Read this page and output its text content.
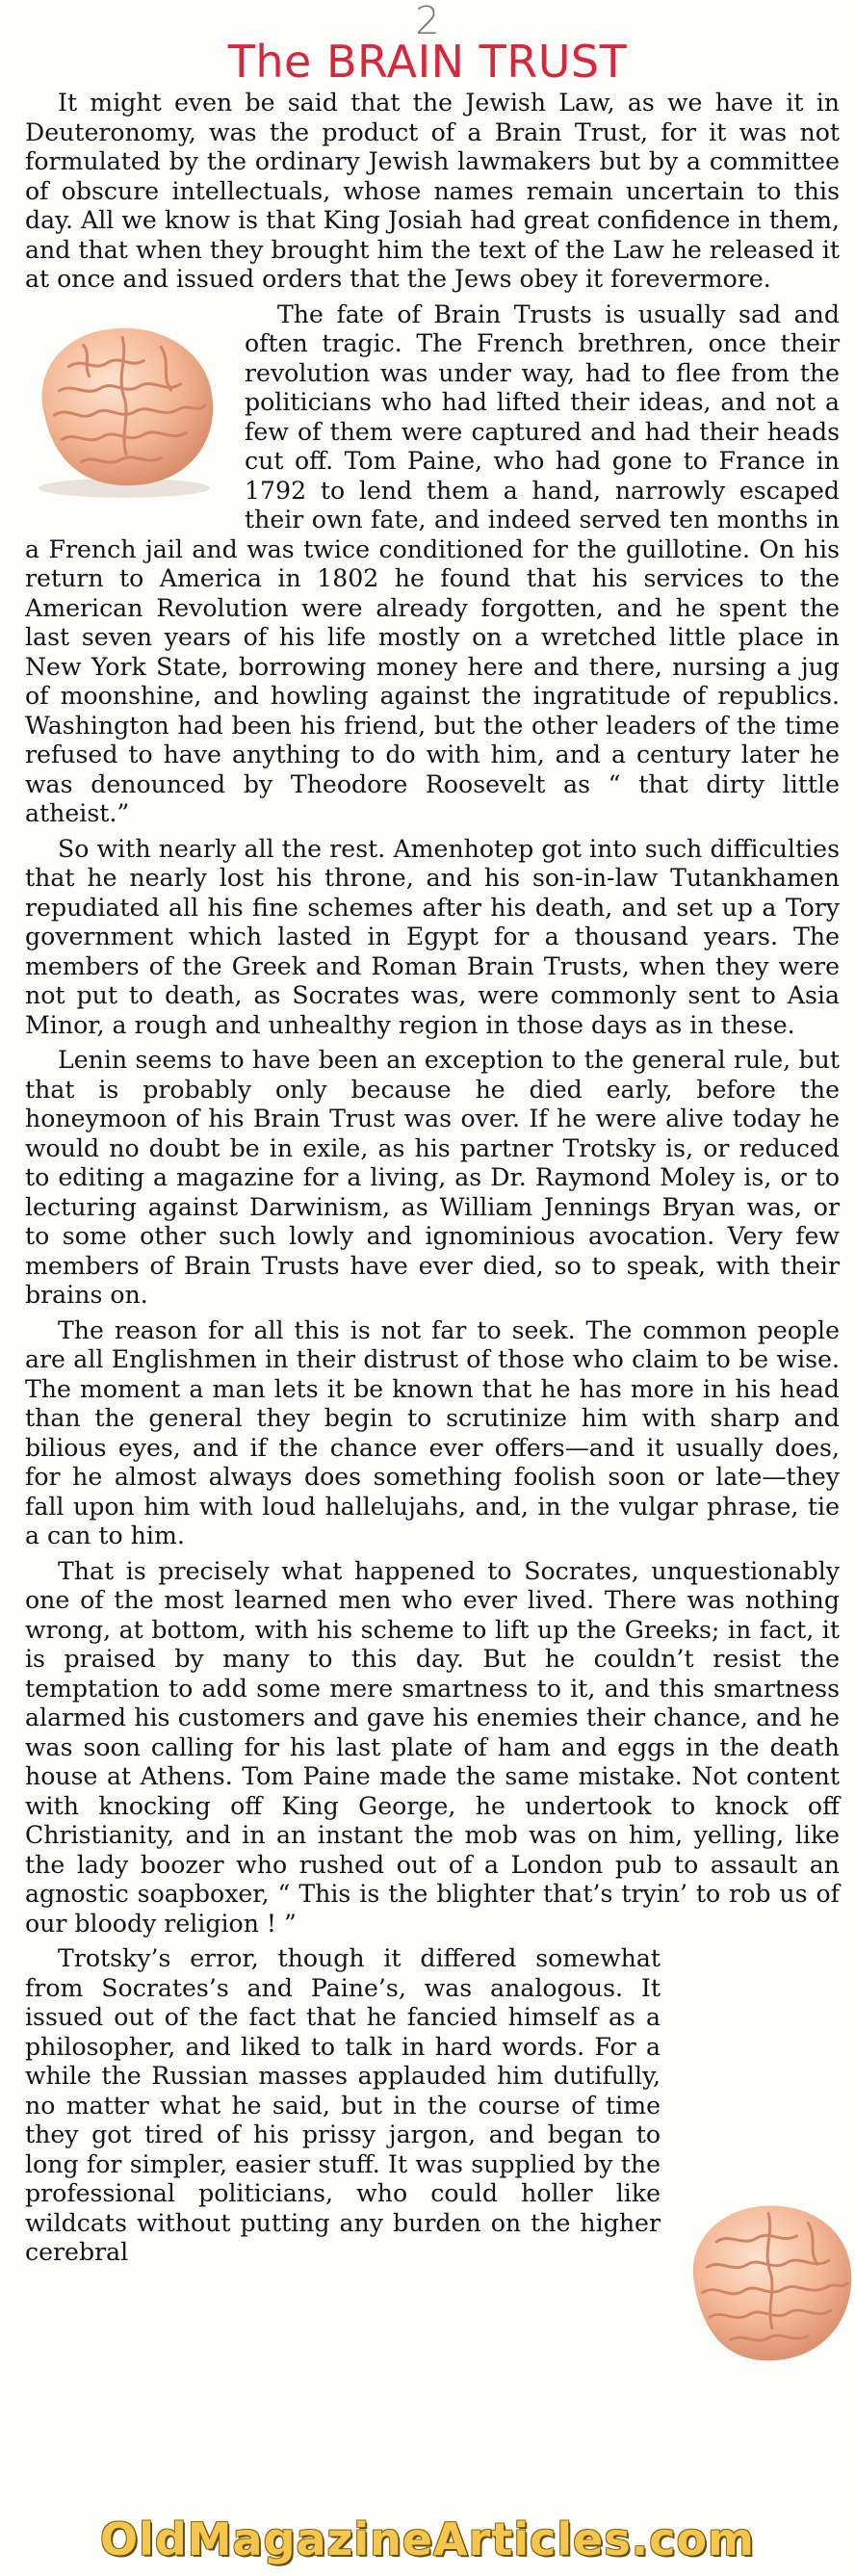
2
The BRAIN TRUST

It might even be said that the Jewish Law, as we have it in Deuteronomy, was the product of a Brain Trust, for it was not formulated by the ordinary Jewish lawmakers but by a committee of obscure intellectuals, whose names remain uncertain to this day. All we know is that King Josiah had great confidence in them, and that when they brought him the text of the Law he released it at once and issued orders that the Jews obey it forevermore.

The fate of Brain Trusts is usually sad and often tragic. The French brethren, once their revolution was under way, had to flee from the politicians who had lifted their ideas, and not a few of them were captured and had their heads cut off. Tom Paine, who had gone to France in 1792 to lend them a hand, narrowly escaped their own fate, and indeed served ten months in a French jail and was twice conditioned for the guillotine. On his return to America in 1802 he found that his services to the American Revolution were already forgotten, and he spent the last seven years of his life mostly on a wretched little place in New York State, borrowing money here and there, nursing a jug of moonshine, and howling against the ingratitude of republics. Washington had been his friend, but the other leaders of the time refused to have anything to do with him, and a century later he was denounced by Theodore Roosevelt as “ that dirty little atheist.”

So with nearly all the rest. Amenhotep got into such difficulties that he nearly lost his throne, and his son-in-law Tutankhamen repudiated all his fine schemes after his death, and set up a Tory government which lasted in Egypt for a thousand years. The members of the Greek and Roman Brain Trusts, when they were not put to death, as Socrates was, were commonly sent to Asia Minor, a rough and unhealthy region in those days as in these.

Lenin seems to have been an exception to the general rule, but that is probably only because he died early, before the honeymoon of his Brain Trust was over. If he were alive today he would no doubt be in exile, as his partner Trotsky is, or reduced to editing a magazine for a living, as Dr. Raymond Moley is, or to lecturing against Darwinism, as William Jennings Bryan was, or to some other such lowly and ignominious avocation. Very few members of Brain Trusts have ever died, so to speak, with their brains on.

The reason for all this is not far to seek. The common people are all Englishmen in their distrust of those who claim to be wise. The moment a man lets it be known that he has more in his head than the general they begin to scrutinize him with sharp and bilious eyes, and if the chance ever offers—and it usually does, for he almost always does something foolish soon or late—they fall upon him with loud hallelujahs, and, in the vulgar phrase, tie a can to him.

That is precisely what happened to Socrates, unquestionably one of the most learned men who ever lived. There was nothing wrong, at bottom, with his scheme to lift up the Greeks; in fact, it is praised by many to this day. But he couldn’t resist the temptation to add some mere smartness to it, and this smartness alarmed his customers and gave his enemies their chance, and he was soon calling for his last plate of ham and eggs in the death house at Athens. Tom Paine made the same mistake. Not content with knocking off King George, he undertook to knock off Christianity, and in an instant the mob was on him, yelling, like the lady boozer who rushed out of a London pub to assault an agnostic soapboxer, “ This is the blighter that’s tryin’ to rob us of our bloody religion ! ”

Trotsky’s error, though it differed somewhat from Socrates’s and Paine’s, was analogous. It issued out of the fact that he fancied himself as a philosopher, and liked to talk in hard words. For a while the Russian masses applauded him dutifully, no matter what he said, but in the course of time they got tired of his prissy jargon, and began to long for simpler, easier stuff. It was supplied by the professional politicians, who could holler like wildcats without putting any burden on the higher cerebral

OldMagazineArticles.com
